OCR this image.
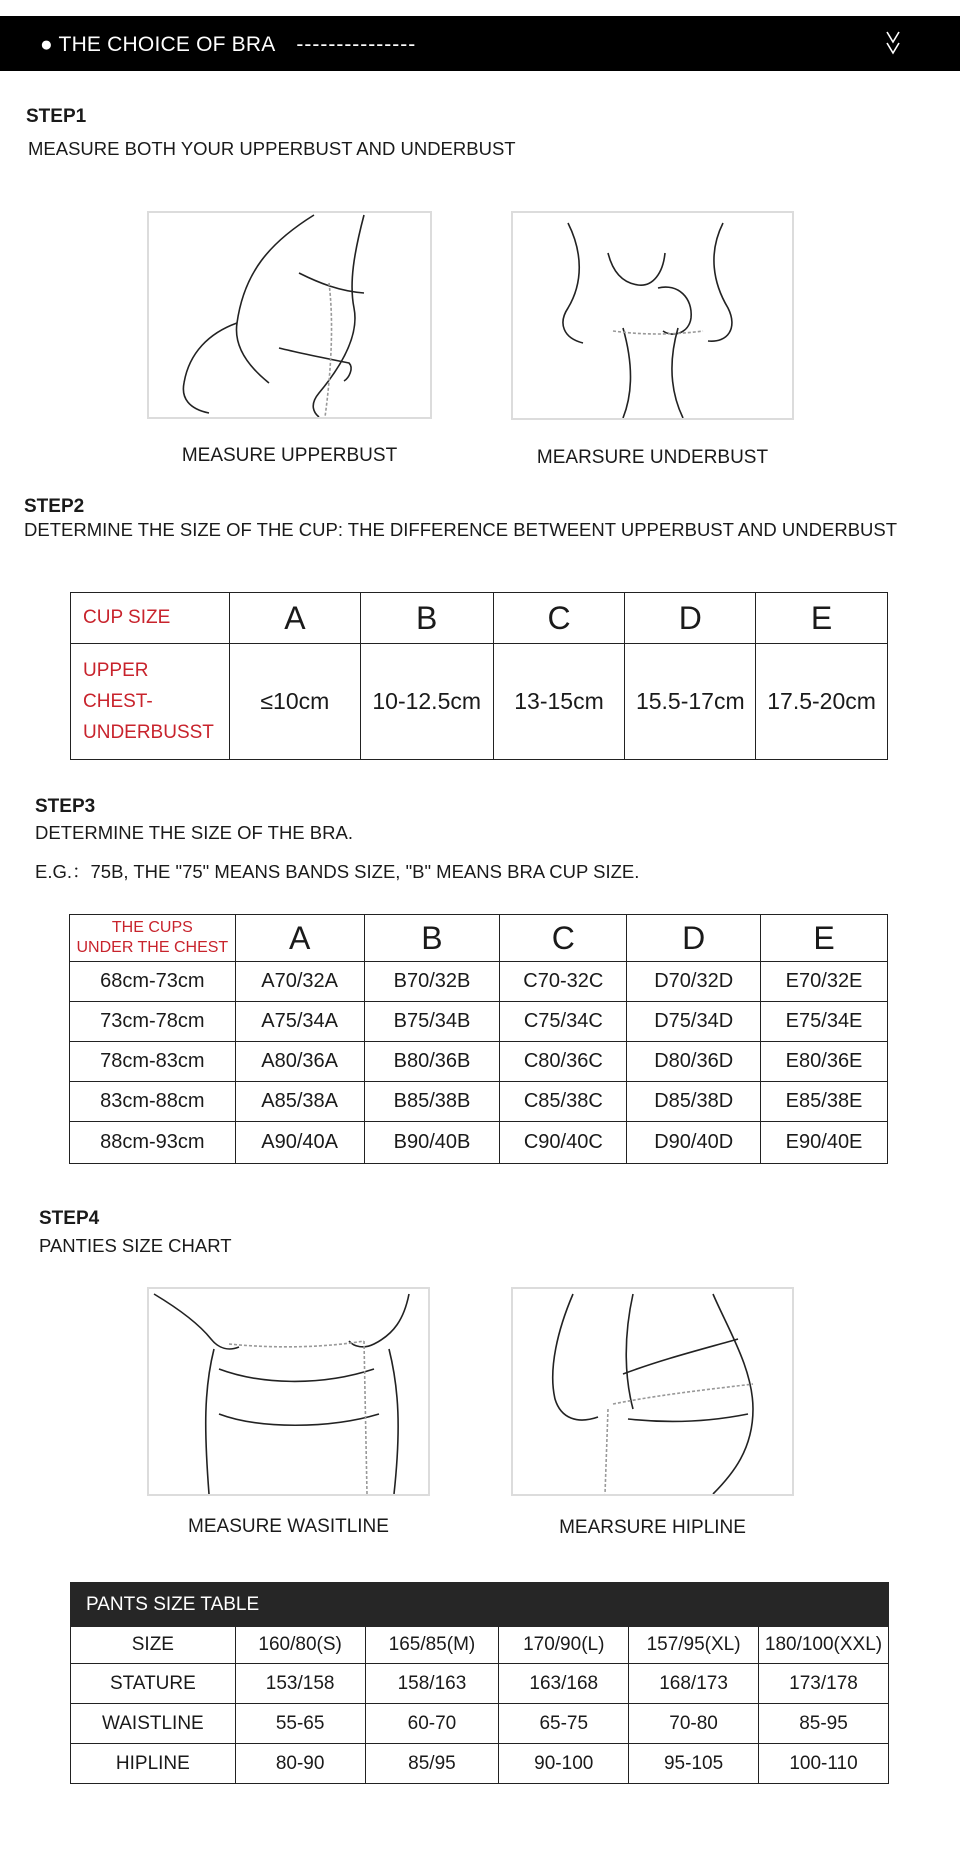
● THE CHOICE OF BRA ---------------
STEP1
MEASURE BOTH YOUR UPPERBUST AND UNDERBUST
MEASURE UPPERBUST	MEARSURE UNDERBUST
STEP2
DETERMINE THE SIZE OF THE CUP: THE DIFFERENCE BETWEENT UPPERBUST AND UNDERBUST
CUP SIZE	A	B	C	D	E

UPPER
CHEST-
UNDERBUSST	≤10cm	10-12.5cm	13-15cm	15.5-17cm	17.5-20cm
STEP3
DETERMINE THE SIZE OF THE BRA.
E.G.：75B, THE "75" MEANS BANDS SIZE, "B" MEANS BRA CUP SIZE.
THE CUPS
UNDER THE CHEST	A	B	C	D	E
68cm-73cm	A70/32A	B70/32B	C70-32C	D70/32D	E70/32E
73cm-78cm	A75/34A	B75/34B	C75/34C	D75/34D	E75/34E
78cm-83cm	A80/36A	B80/36B	C80/36C	D80/36D	E80/36E
83cm-88cm	A85/38A	B85/38B	C85/38C	D85/38D	E85/38E
88cm-93cm	A90/40A	B90/40B	C90/40C	D90/40D	E90/40E
STEP4
PANTIES SIZE CHART
MEASURE WASITLINE	MEARSURE HIPLINE
PANTS SIZE TABLE					
SIZE	160/80(S)	165/85(M)	170/90(L)	157/95(XL)	180/100(XXL)
STATURE	153/158	158/163	163/168	168/173	173/178
WAISTLINE	55-65	60-70	65-75	70-80	85-95
HIPLINE	80-90	85/95	90-100	95-105	100-110
